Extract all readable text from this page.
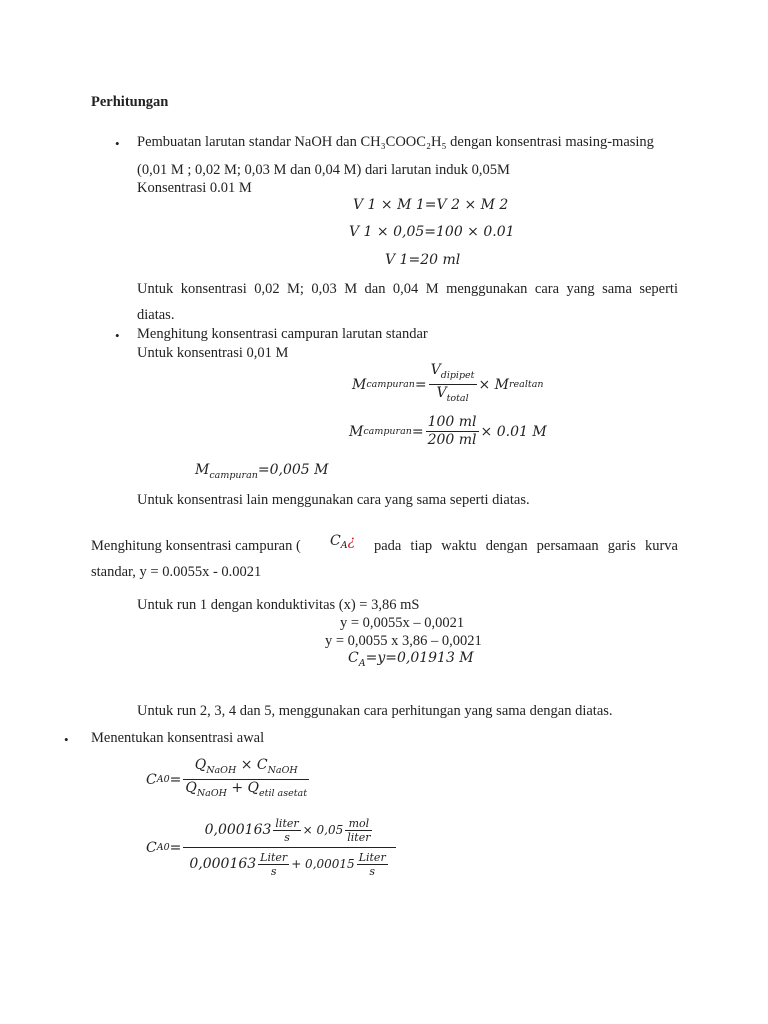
Perhitungan
• Pembuatan larutan standar NaOH dan CH₃COOC₂H₅ dengan konsentrasi masing-masing
(0,01 M ; 0,02 M; 0,03 M dan 0,04 M) dari larutan induk 0,05M
Konsentrasi 0.01 M
V 1 × M 1=V 2 × M 2
V 1 × 0,05=100 × 0.01
V 1=20 ml
Untuk konsentrasi 0,02 M; 0,03 M dan 0,04 M menggunakan cara yang sama seperti
diatas.
• Menghitung konsentrasi campuran larutan standar
Untuk konsentrasi 0,01 M
M campuran = $\frac{V_{dipipet}}{V_{total}} \times M$ realtan
M campuran = $\frac{100 ml}{200 ml} \times 0.01$ M
$M_{campuran}=0,005$ M
Untuk konsentrasi lain menggunakan cara yang sama seperti diatas.
Menghitung konsentrasi campuran ( $C_A¿$ pada tiap waktu dengan persamaan garis kurva
standar, y = 0.0055x - 0.0021
Untuk run 1 dengan konduktivitas (x) = 3,86 mS
y = 0,0055x – 0,0021
y = 0,0055 x 3,86 – 0,0021
$C_A=y=0,01913$ M
Untuk run 2, 3, 4 dan 5, menggunakan cara perhitungan yang sama dengan diatas.
• Menentukan konsentrasi awal
C $A0 = \frac{Q_{NaOH} \times C_{NaOH}}{Q_{NaOH} + Q_{etil asetat}}$
C A0 =
$0,000163 \frac{\text{liter}}{s} \times 0,05 \frac{\text{mol}}{\text{liter}}$
$0,000163 \frac{\text{Liter}}{s} + 0,00015 \frac{\text{Liter}}{s}$
